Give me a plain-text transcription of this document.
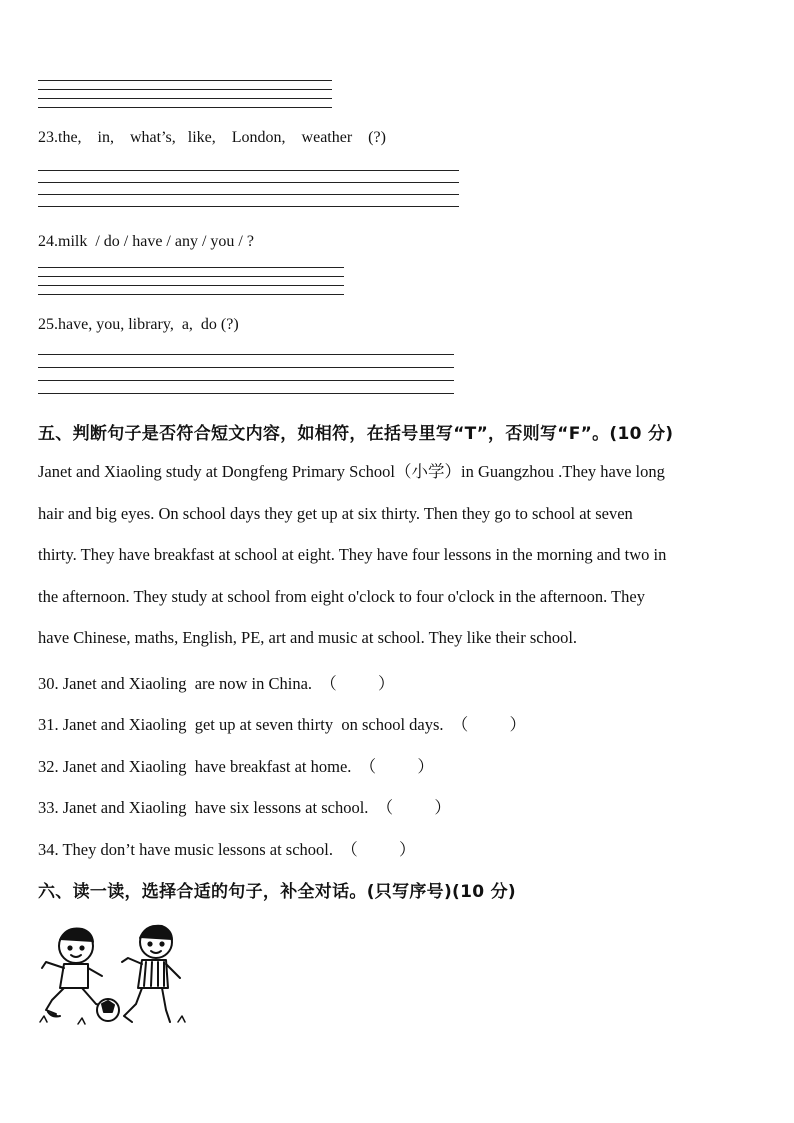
23.the,    in,    what’s,   like,    London,    weather    (?)
24.milk  / do / have / any / you / ?
25.have, you, library,  a,  do (?)
五、判断句子是否符合短文内容，如相符，在括号里写“T”，否则写“F”。(10 分)

Janet and Xiaoling study at Dongfeng Primary School（小学）in Guangzhou .They have long

hair and big eyes. On school days they get up at six thirty. Then they go to school at seven

thirty. They have breakfast at school at eight. They have four lessons in the morning and two in

the afternoon. They study at school from eight o'clock to four o'clock in the afternoon. They

have Chinese, maths, English, PE, art and music at school. They like their school.

30. Janet and Xiaoling  are now in China.  （          ）
31. Janet and Xiaoling  get up at seven thirty  on school days.  （          ）
32. Janet and Xiaoling  have breakfast at home.  （          ）
33. Janet and Xiaoling  have six lessons at school.  （          ）
34. They don’t have music lessons at school.  （          ）
六、读一读，选择合适的句子，补全对话。(只写序号)(10 分)
